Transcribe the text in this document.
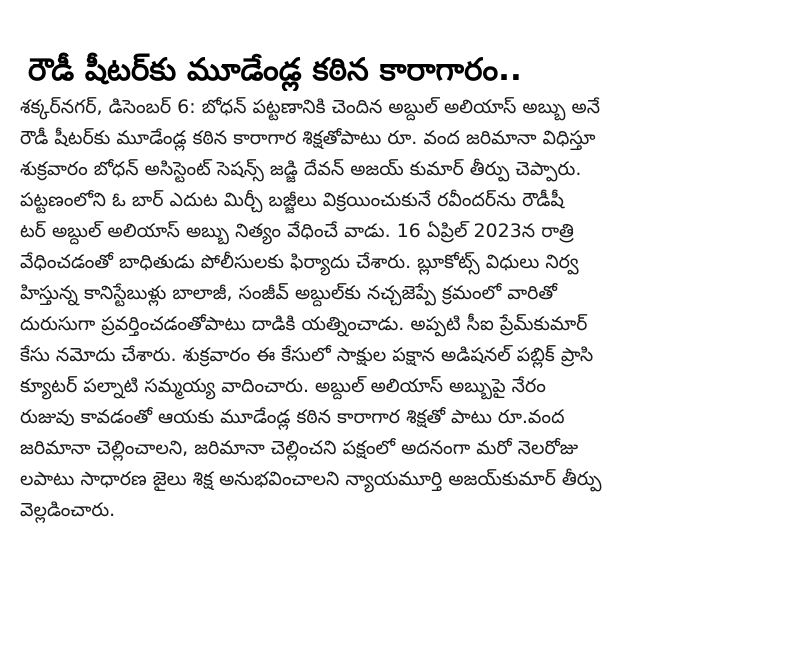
రౌడీ షీటర్‌కు మూడేండ్ల కఠిన కారాగారం..
శక్కర్‌నగర్, డిసెంబర్ 6: బోధన్ పట్టణానికి చెందిన అబ్దుల్ అలియాస్ అబ్బు అనే
రౌడీ షీటర్‌కు మూడేండ్ల కఠిన కారాగార శిక్షతోపాటు రూ. వంద జరిమానా విధిస్తూ
శుక్రవారం బోధన్ అసిస్టెంట్ సెషన్స్ జడ్జి దేవన్ అజయ్ కుమార్ తీర్పు చెప్పారు.
పట్టణంలోని ఓ బార్ ఎదుట మిర్చీ బజ్జీలు విక్రయించుకునే రవీందర్‌ను రౌడీషీ
టర్ అబ్దుల్ అలియాస్ అబ్బు నిత్యం వేధించే వాడు. 16 ఏప్రిల్ 2023న రాత్రి
వేధించడంతో బాధితుడు పోలీసులకు ఫిర్యాదు చేశారు. బ్లూకోట్స్ విధులు నిర్వ
హిస్తున్న కానిస్టేబుళ్లు బాలాజీ, సంజీవ్ అబ్దుల్‌కు నచ్చజెప్పే క్రమంలో వారితో
దురుసుగా ప్రవర్తించడంతోపాటు దాడికి యత్నించాడు. అప్పటి సీఐ ప్రేమ్‌కుమార్
కేసు నమోదు చేశారు. శుక్రవారం ఈ కేసులో సాక్షుల పక్షాన అడిషనల్ పబ్లిక్ ప్రాసి
క్యూటర్ పల్నాటి సమ్మయ్య వాదించారు. అబ్దుల్ అలియాస్ అబ్బుపై నేరం
రుజువు కావడంతో ఆయకు మూడేండ్ల కఠిన కారాగార శిక్షతో పాటు రూ.వంద
జరిమానా చెల్లించాలని, జరిమానా చెల్లించని పక్షంలో అదనంగా మరో నెలరోజు
లపాటు సాధారణ జైలు శిక్ష అనుభవించాలని న్యాయమూర్తి అజయ్‌కుమార్ తీర్పు
వెల్లడించారు.
